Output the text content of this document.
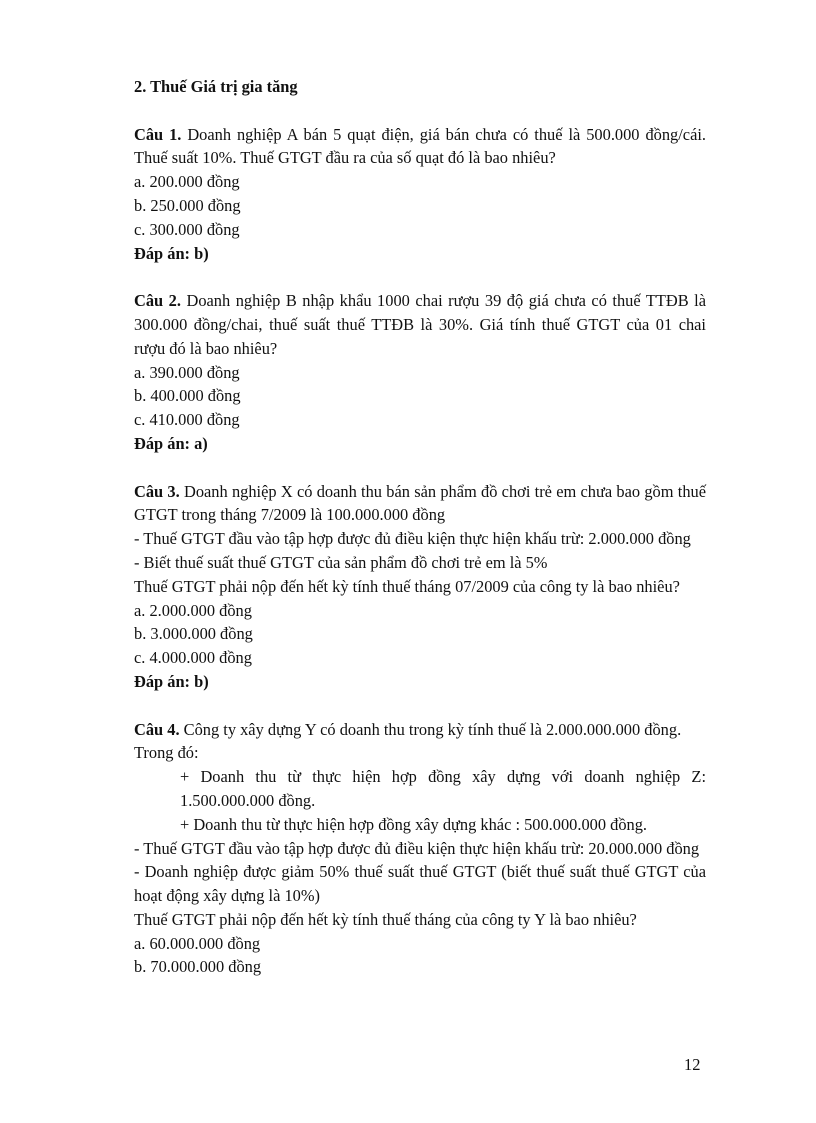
2. Thuế Giá trị gia tăng

Câu 1. Doanh nghiệp A bán 5 quạt điện, giá bán chưa có thuế là 500.000 đồng/cái. Thuế suất 10%. Thuế GTGT đầu ra của số quạt đó là bao nhiêu?

a. 200.000 đồng

b. 250.000 đồng

c. 300.000 đồng

Đáp án: b)

Câu 2. Doanh nghiệp B nhập khẩu 1000 chai rượu 39 độ giá chưa có thuế TTĐB là 300.000 đồng/chai, thuế suất thuế TTĐB là 30%. Giá tính thuế GTGT của 01 chai rượu đó là bao nhiêu?

a. 390.000 đồng

b. 400.000 đồng

c. 410.000 đồng

Đáp án: a)

Câu 3. Doanh nghiệp X có doanh thu bán sản phẩm đồ chơi trẻ em chưa bao gồm thuế GTGT trong tháng 7/2009 là 100.000.000 đồng

- Thuế GTGT đầu vào tập hợp được đủ điều kiện thực hiện khấu trừ: 2.000.000 đồng

- Biết thuế suất thuế GTGT của sản phẩm đồ chơi trẻ em là 5%

Thuế GTGT phải nộp đến hết kỳ tính thuế tháng 07/2009 của công ty là bao nhiêu?

a. 2.000.000 đồng

b. 3.000.000 đồng

c. 4.000.000 đồng

Đáp án: b)

Câu 4. Công ty xây dựng Y có doanh thu trong kỳ tính thuế là 2.000.000.000 đồng.

Trong đó:

+ Doanh thu từ thực hiện hợp đồng xây dựng với doanh nghiệp Z: 1.500.000.000 đồng.

+ Doanh thu từ thực hiện hợp đồng xây dựng khác : 500.000.000 đồng.

- Thuế GTGT đầu vào tập hợp được đủ điều kiện thực hiện khấu trừ: 20.000.000 đồng

- Doanh nghiệp được giảm 50% thuế suất thuế GTGT (biết thuế suất thuế GTGT của hoạt động xây dựng là 10%)

Thuế GTGT phải nộp đến hết kỳ tính thuế tháng của công ty Y là bao nhiêu?

a. 60.000.000 đồng

b. 70.000.000 đồng

12
